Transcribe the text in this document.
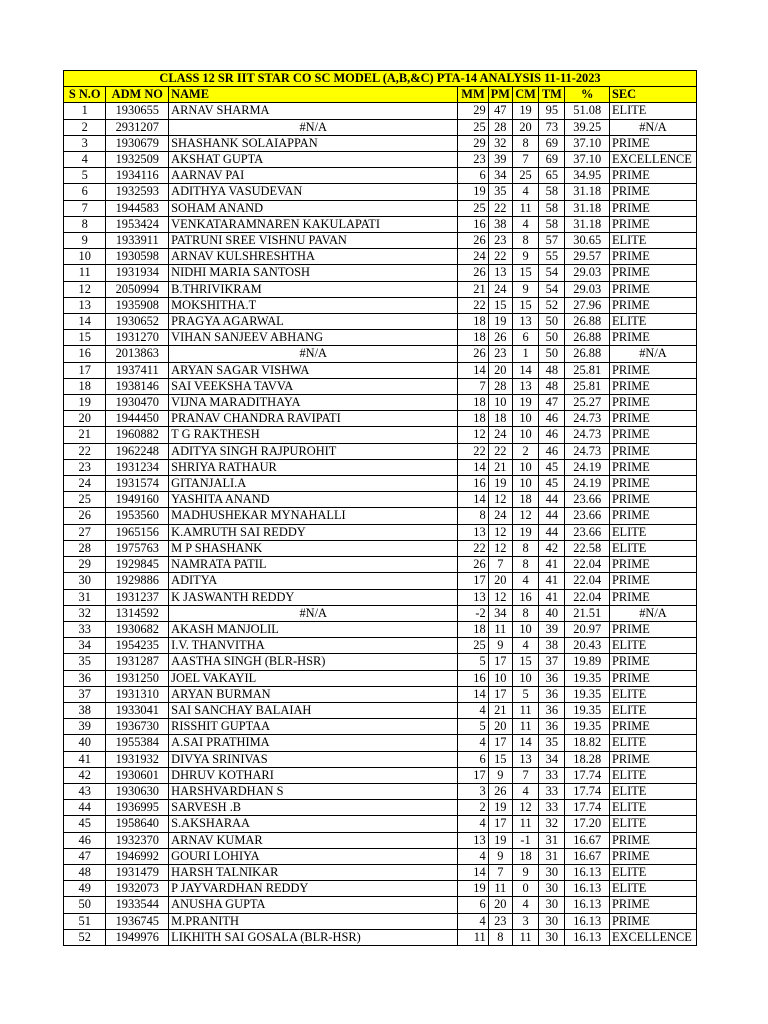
CLASS 12 SR IIT STAR CO SC MODEL (A,B,&C) PTA-14 ANALYSIS 11-11-2023								
S N.O	ADM NO	NAME	MM	PM	CM	TM	%	SEC
1	1930655	ARNAV SHARMA	29	47	19	95	51.08	ELITE
2	2931207	#N/A	25	28	20	73	39.25	#N/A
3	1930679	SHASHANK SOLAIAPPAN	29	32	8	69	37.10	PRIME
4	1932509	AKSHAT GUPTA	23	39	7	69	37.10	EXCELLENCE
5	1934116	AARNAV PAI	6	34	25	65	34.95	PRIME
6	1932593	ADITHYA VASUDEVAN	19	35	4	58	31.18	PRIME
7	1944583	SOHAM ANAND	25	22	11	58	31.18	PRIME
8	1953424	VENKATARAMNAREN KAKULAPATI	16	38	4	58	31.18	PRIME
9	1933911	PATRUNI SREE VISHNU PAVAN	26	23	8	57	30.65	ELITE
10	1930598	ARNAV KULSHRESHTHA	24	22	9	55	29.57	PRIME
11	1931934	NIDHI MARIA SANTOSH	26	13	15	54	29.03	PRIME
12	2050994	B.THRIVIKRAM	21	24	9	54	29.03	PRIME
13	1935908	MOKSHITHA.T	22	15	15	52	27.96	PRIME
14	1930652	PRAGYA AGARWAL	18	19	13	50	26.88	ELITE
15	1931270	VIHAN SANJEEV ABHANG	18	26	6	50	26.88	PRIME
16	2013863	#N/A	26	23	1	50	26.88	#N/A
17	1937411	ARYAN SAGAR VISHWA	14	20	14	48	25.81	PRIME
18	1938146	SAI VEEKSHA TAVVA	7	28	13	48	25.81	PRIME
19	1930470	VIJNA MARADITHAYA	18	10	19	47	25.27	PRIME
20	1944450	PRANAV CHANDRA RAVIPATI	18	18	10	46	24.73	PRIME
21	1960882	T G RAKTHESH	12	24	10	46	24.73	PRIME
22	1962248	ADITYA SINGH RAJPUROHIT	22	22	2	46	24.73	PRIME
23	1931234	SHRIYA RATHAUR	14	21	10	45	24.19	PRIME
24	1931574	GITANJALI.A	16	19	10	45	24.19	PRIME
25	1949160	YASHITA ANAND	14	12	18	44	23.66	PRIME
26	1953560	MADHUSHEKAR MYNAHALLI	8	24	12	44	23.66	PRIME
27	1965156	K.AMRUTH SAI REDDY	13	12	19	44	23.66	ELITE
28	1975763	M P SHASHANK	22	12	8	42	22.58	ELITE
29	1929845	NAMRATA PATIL	26	7	8	41	22.04	PRIME
30	1929886	ADITYA	17	20	4	41	22.04	PRIME
31	1931237	K JASWANTH REDDY	13	12	16	41	22.04	PRIME
32	1314592	#N/A	-2	34	8	40	21.51	#N/A
33	1930682	AKASH MANJOLIL	18	11	10	39	20.97	PRIME
34	1954235	I.V. THANVITHA	25	9	4	38	20.43	ELITE
35	1931287	AASTHA SINGH (BLR-HSR)	5	17	15	37	19.89	PRIME
36	1931250	JOEL VAKAYIL	16	10	10	36	19.35	PRIME
37	1931310	ARYAN BURMAN	14	17	5	36	19.35	ELITE
38	1933041	SAI SANCHAY BALAIAH	4	21	11	36	19.35	ELITE
39	1936730	RISSHIT GUPTAA	5	20	11	36	19.35	PRIME
40	1955384	A.SAI PRATHIMA	4	17	14	35	18.82	ELITE
41	1931932	DIVYA SRINIVAS	6	15	13	34	18.28	PRIME
42	1930601	DHRUV KOTHARI	17	9	7	33	17.74	ELITE
43	1930630	HARSHVARDHAN S	3	26	4	33	17.74	ELITE
44	1936995	SARVESH .B	2	19	12	33	17.74	ELITE
45	1958640	S.AKSHARAA	4	17	11	32	17.20	ELITE
46	1932370	ARNAV KUMAR	13	19	-1	31	16.67	PRIME
47	1946992	GOURI LOHIYA	4	9	18	31	16.67	PRIME
48	1931479	HARSH TALNIKAR	14	7	9	30	16.13	ELITE
49	1932073	P JAYVARDHAN REDDY	19	11	0	30	16.13	ELITE
50	1933544	ANUSHA GUPTA	6	20	4	30	16.13	PRIME
51	1936745	M.PRANITH	4	23	3	30	16.13	PRIME
52	1949976	LIKHITH SAI GOSALA (BLR-HSR)	11	8	11	30	16.13	EXCELLENCE
